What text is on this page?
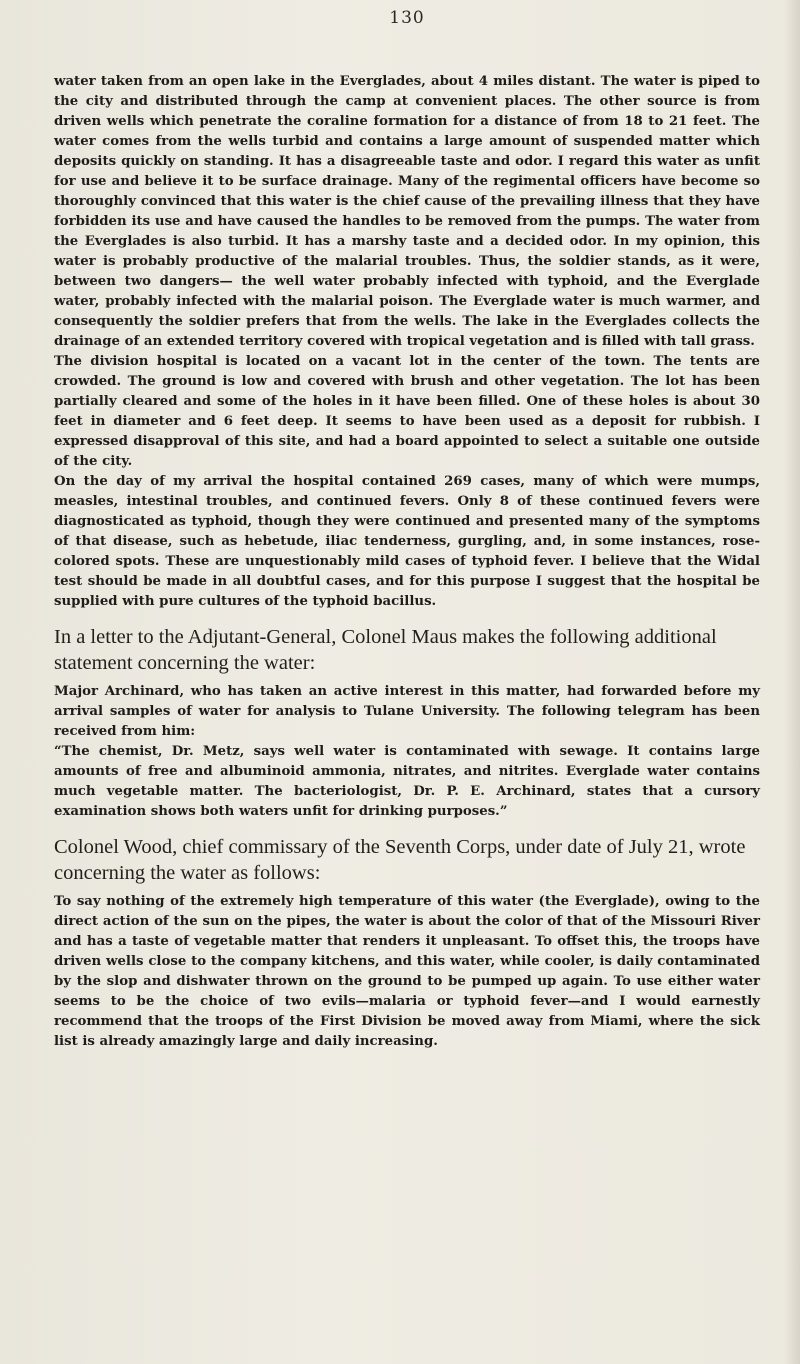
130

water taken from an open lake in the Everglades, about 4 miles distant. The water is piped to the city and distributed through the camp at convenient places. The other source is from driven wells which penetrate the coraline formation for a distance of from 18 to 21 feet. The water comes from the wells turbid and contains a large amount of suspended matter which deposits quickly on standing. It has a disagreeable taste and odor. I regard this water as unfit for use and believe it to be surface drainage. Many of the regimental officers have become so thoroughly convinced that this water is the chief cause of the prevailing illness that they have forbidden its use and have caused the handles to be removed from the pumps. The water from the Everglades is also turbid. It has a marshy taste and a decided odor. In my opinion, this water is probably productive of the malarial troubles. Thus, the soldier stands, as it were, between two dangers— the well water probably infected with typhoid, and the Everglade water, probably infected with the malarial poison. The Everglade water is much warmer, and consequently the soldier prefers that from the wells. The lake in the Everglades collects the drainage of an extended territory covered with tropical vegetation and is filled with tall grass.

The division hospital is located on a vacant lot in the center of the town. The tents are crowded. The ground is low and covered with brush and other vegetation. The lot has been partially cleared and some of the holes in it have been filled. One of these holes is about 30 feet in diameter and 6 feet deep. It seems to have been used as a deposit for rubbish. I expressed disapproval of this site, and had a board appointed to select a suitable one outside of the city.

On the day of my arrival the hospital contained 269 cases, many of which were mumps, measles, intestinal troubles, and continued fevers. Only 8 of these continued fevers were diagnosticated as typhoid, though they were continued and presented many of the symptoms of that disease, such as hebetude, iliac tenderness, gurgling, and, in some instances, rose-colored spots. These are unquestionably mild cases of typhoid fever. I believe that the Widal test should be made in all doubtful cases, and for this purpose I suggest that the hospital be supplied with pure cultures of the typhoid bacillus.

In a letter to the Adjutant-General, Colonel Maus makes the following additional statement concerning the water:

Major Archinard, who has taken an active interest in this matter, had forwarded before my arrival samples of water for analysis to Tulane University. The following telegram has been received from him:

“The chemist, Dr. Metz, says well water is contaminated with sewage. It contains large amounts of free and albuminoid ammonia, nitrates, and nitrites. Everglade water contains much vegetable matter. The bacteriologist, Dr. P. E. Archinard, states that a cursory examination shows both waters unfit for drinking purposes.”

Colonel Wood, chief commissary of the Seventh Corps, under date of July 21, wrote concerning the water as follows:

To say nothing of the extremely high temperature of this water (the Everglade), owing to the direct action of the sun on the pipes, the water is about the color of that of the Missouri River and has a taste of vegetable matter that renders it unpleasant. To offset this, the troops have driven wells close to the company kitchens, and this water, while cooler, is daily contaminated by the slop and dishwater thrown on the ground to be pumped up again. To use either water seems to be the choice of two evils—malaria or typhoid fever—and I would earnestly recommend that the troops of the First Division be moved away from Miami, where the sick list is already amazingly large and daily increasing.
